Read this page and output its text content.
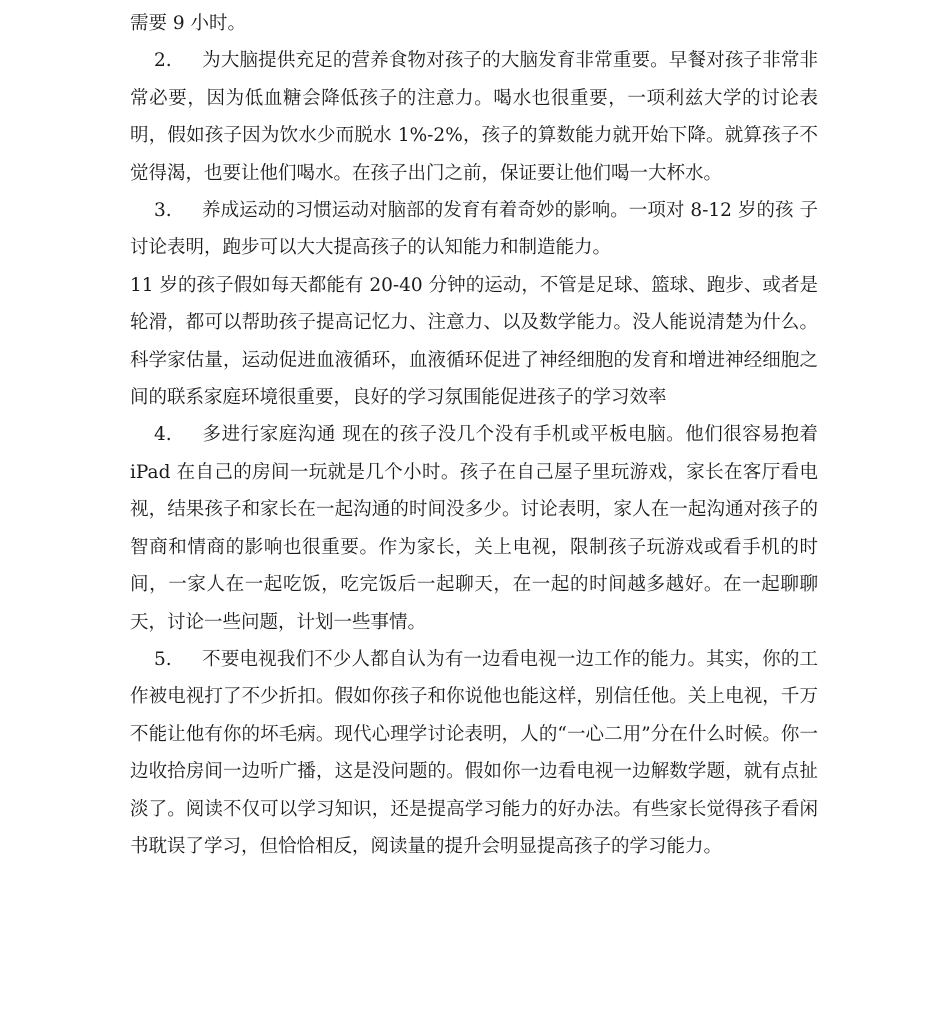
需要 9 小时。

2. 为大脑提供充足的营养食物对孩子的大脑发育非常重要。早餐对孩子非常非常必要，因为低血糖会降低孩子的注意力。喝水也很重要，一项利兹大学的讨论表明，假如孩子因为饮水少而脱水 1%-2%，孩子的算数能力就开始下降。就算孩子不觉得渴，也要让他们喝水。在孩子出门之前，保证要让他们喝一大杯水。

3. 养成运动的习惯运动对脑部的发育有着奇妙的影响。一项对 8-12 岁的孩 子讨论表明，跑步可以大大提高孩子的认知能力和制造能力。

11 岁的孩子假如每天都能有 20-40 分钟的运动，不管是足球、篮球、跑步、或者是轮滑，都可以帮助孩子提高记忆力、注意力、以及数学能力。没人能说清楚为什么。科学家估量，运动促进血液循环，血液循环促进了神经细胞的发育和增进神经细胞之间的联系家庭环境很重要，良好的学习氛围能促进孩子的学习效率

4. 多进行家庭沟通 现在的孩子没几个没有手机或平板电脑。他们很容易抱着 iPad 在自己的房间一玩就是几个小时。孩子在自己屋子里玩游戏，家长在客厅看电视，结果孩子和家长在一起沟通的时间没多少。讨论表明，家人在一起沟通对孩子的智商和情商的影响也很重要。作为家长，关上电视，限制孩子玩游戏或看手机的时间，一家人在一起吃饭，吃完饭后一起聊天，在一起的时间越多越好。在一起聊聊天，讨论一些问题，计划一些事情。

5. 不要电视我们不少人都自认为有一边看电视一边工作的能力。其实，你的工作被电视打了不少折扣。假如你孩子和你说他也能这样，别信任他。关上电视，千万不能让他有你的坏毛病。现代心理学讨论表明，人的“一心二用”分在什么时候。你一边收拾房间一边听广播，这是没问题的。假如你一边看电视一边解数学题，就有点扯淡了。阅读不仅可以学习知识，还是提高学习能力的好办法。有些家长觉得孩子看闲书耽误了学习，但恰恰相反，阅读量的提升会明显提高孩子的学习能力。
